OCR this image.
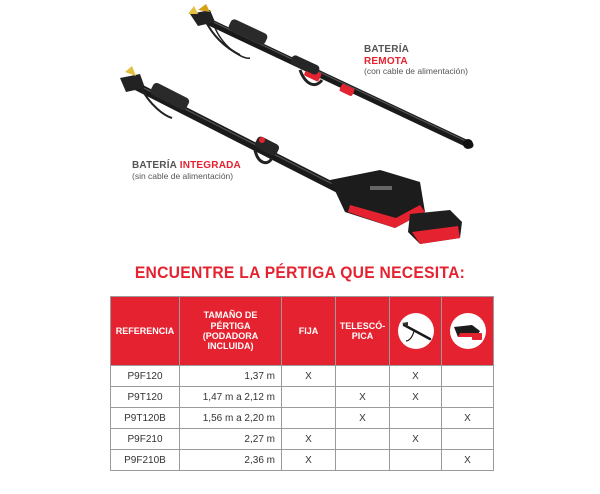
BATERÍA
REMOTA
(con cable de alimentación)
BATERÍA INTEGRADA
(sin cable de alimentación)
ENCUENTRE LA PÉRTIGA QUE NECESITA:
REFERENCIA	TAMAÑO DE
PÉRTIGA
(PODADORA
INCLUIDA)	FIJA	TELESCÓ-
PICA	

P9F120	1,37 m	X		X	
P9T120	1,47 m a 2,12 m		X	X	
P9T120B	1,56 m a 2,20 m		X		X
P9F210	2,27 m	X		X	
P9F210B	2,36 m	X			X
